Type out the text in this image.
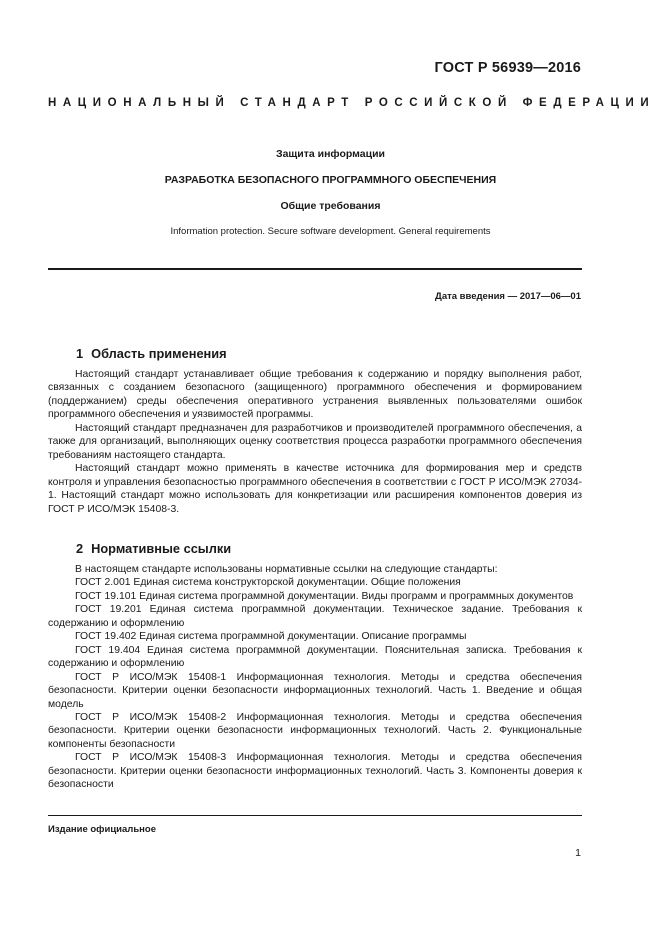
ГОСТ Р 56939—2016
НАЦИОНАЛЬНЫЙ СТАНДАРТ РОССИЙСКОЙ ФЕДЕРАЦИИ
Защита информации
РАЗРАБОТКА БЕЗОПАСНОГО ПРОГРАММНОГО ОБЕСПЕЧЕНИЯ
Общие требования
Information protection. Secure software development. General requirements
Дата введения — 2017—06—01
1 Область применения

Настоящий стандарт устанавливает общие требования к содержанию и порядку выполнения работ, связанных с созданием безопасного (защищенного) программного обеспечения и формированием (поддержанием) среды обеспечения оперативного устранения выявленных пользователями ошибок программного обеспечения и уязвимостей программы.

Настоящий стандарт предназначен для разработчиков и производителей программного обеспечения, а также для организаций, выполняющих оценку соответствия процесса разработки программного обеспечения требованиям настоящего стандарта.

Настоящий стандарт можно применять в качестве источника для формирования мер и средств контроля и управления безопасностью программного обеспечения в соответствии с ГОСТ Р ИСО/МЭК 27034-1. Настоящий стандарт можно использовать для конкретизации или расширения компонентов доверия из ГОСТ Р ИСО/МЭК 15408-3.

2 Нормативные ссылки

В настоящем стандарте использованы нормативные ссылки на следующие стандарты:

ГОСТ 2.001 Единая система конструкторской документации. Общие положения

ГОСТ 19.101 Единая система программной документации. Виды программ и программных документов

ГОСТ 19.201 Единая система программной документации. Техническое задание. Требования к содержанию и оформлению

ГОСТ 19.402 Единая система программной документации. Описание программы

ГОСТ 19.404 Единая система программной документации. Пояснительная записка. Требования к содержанию и оформлению

ГОСТ Р ИСО/МЭК 15408-1 Информационная технология. Методы и средства обеспечения безопасности. Критерии оценки безопасности информационных технологий. Часть 1. Введение и общая модель

ГОСТ Р ИСО/МЭК 15408-2 Информационная технология. Методы и средства обеспечения безопасности. Критерии оценки безопасности информационных технологий. Часть 2. Функциональные компоненты безопасности

ГОСТ Р ИСО/МЭК 15408-3 Информационная технология. Методы и средства обеспечения безопасности. Критерии оценки безопасности информационных технологий. Часть 3. Компоненты доверия к безопасности

Издание официальное
1
